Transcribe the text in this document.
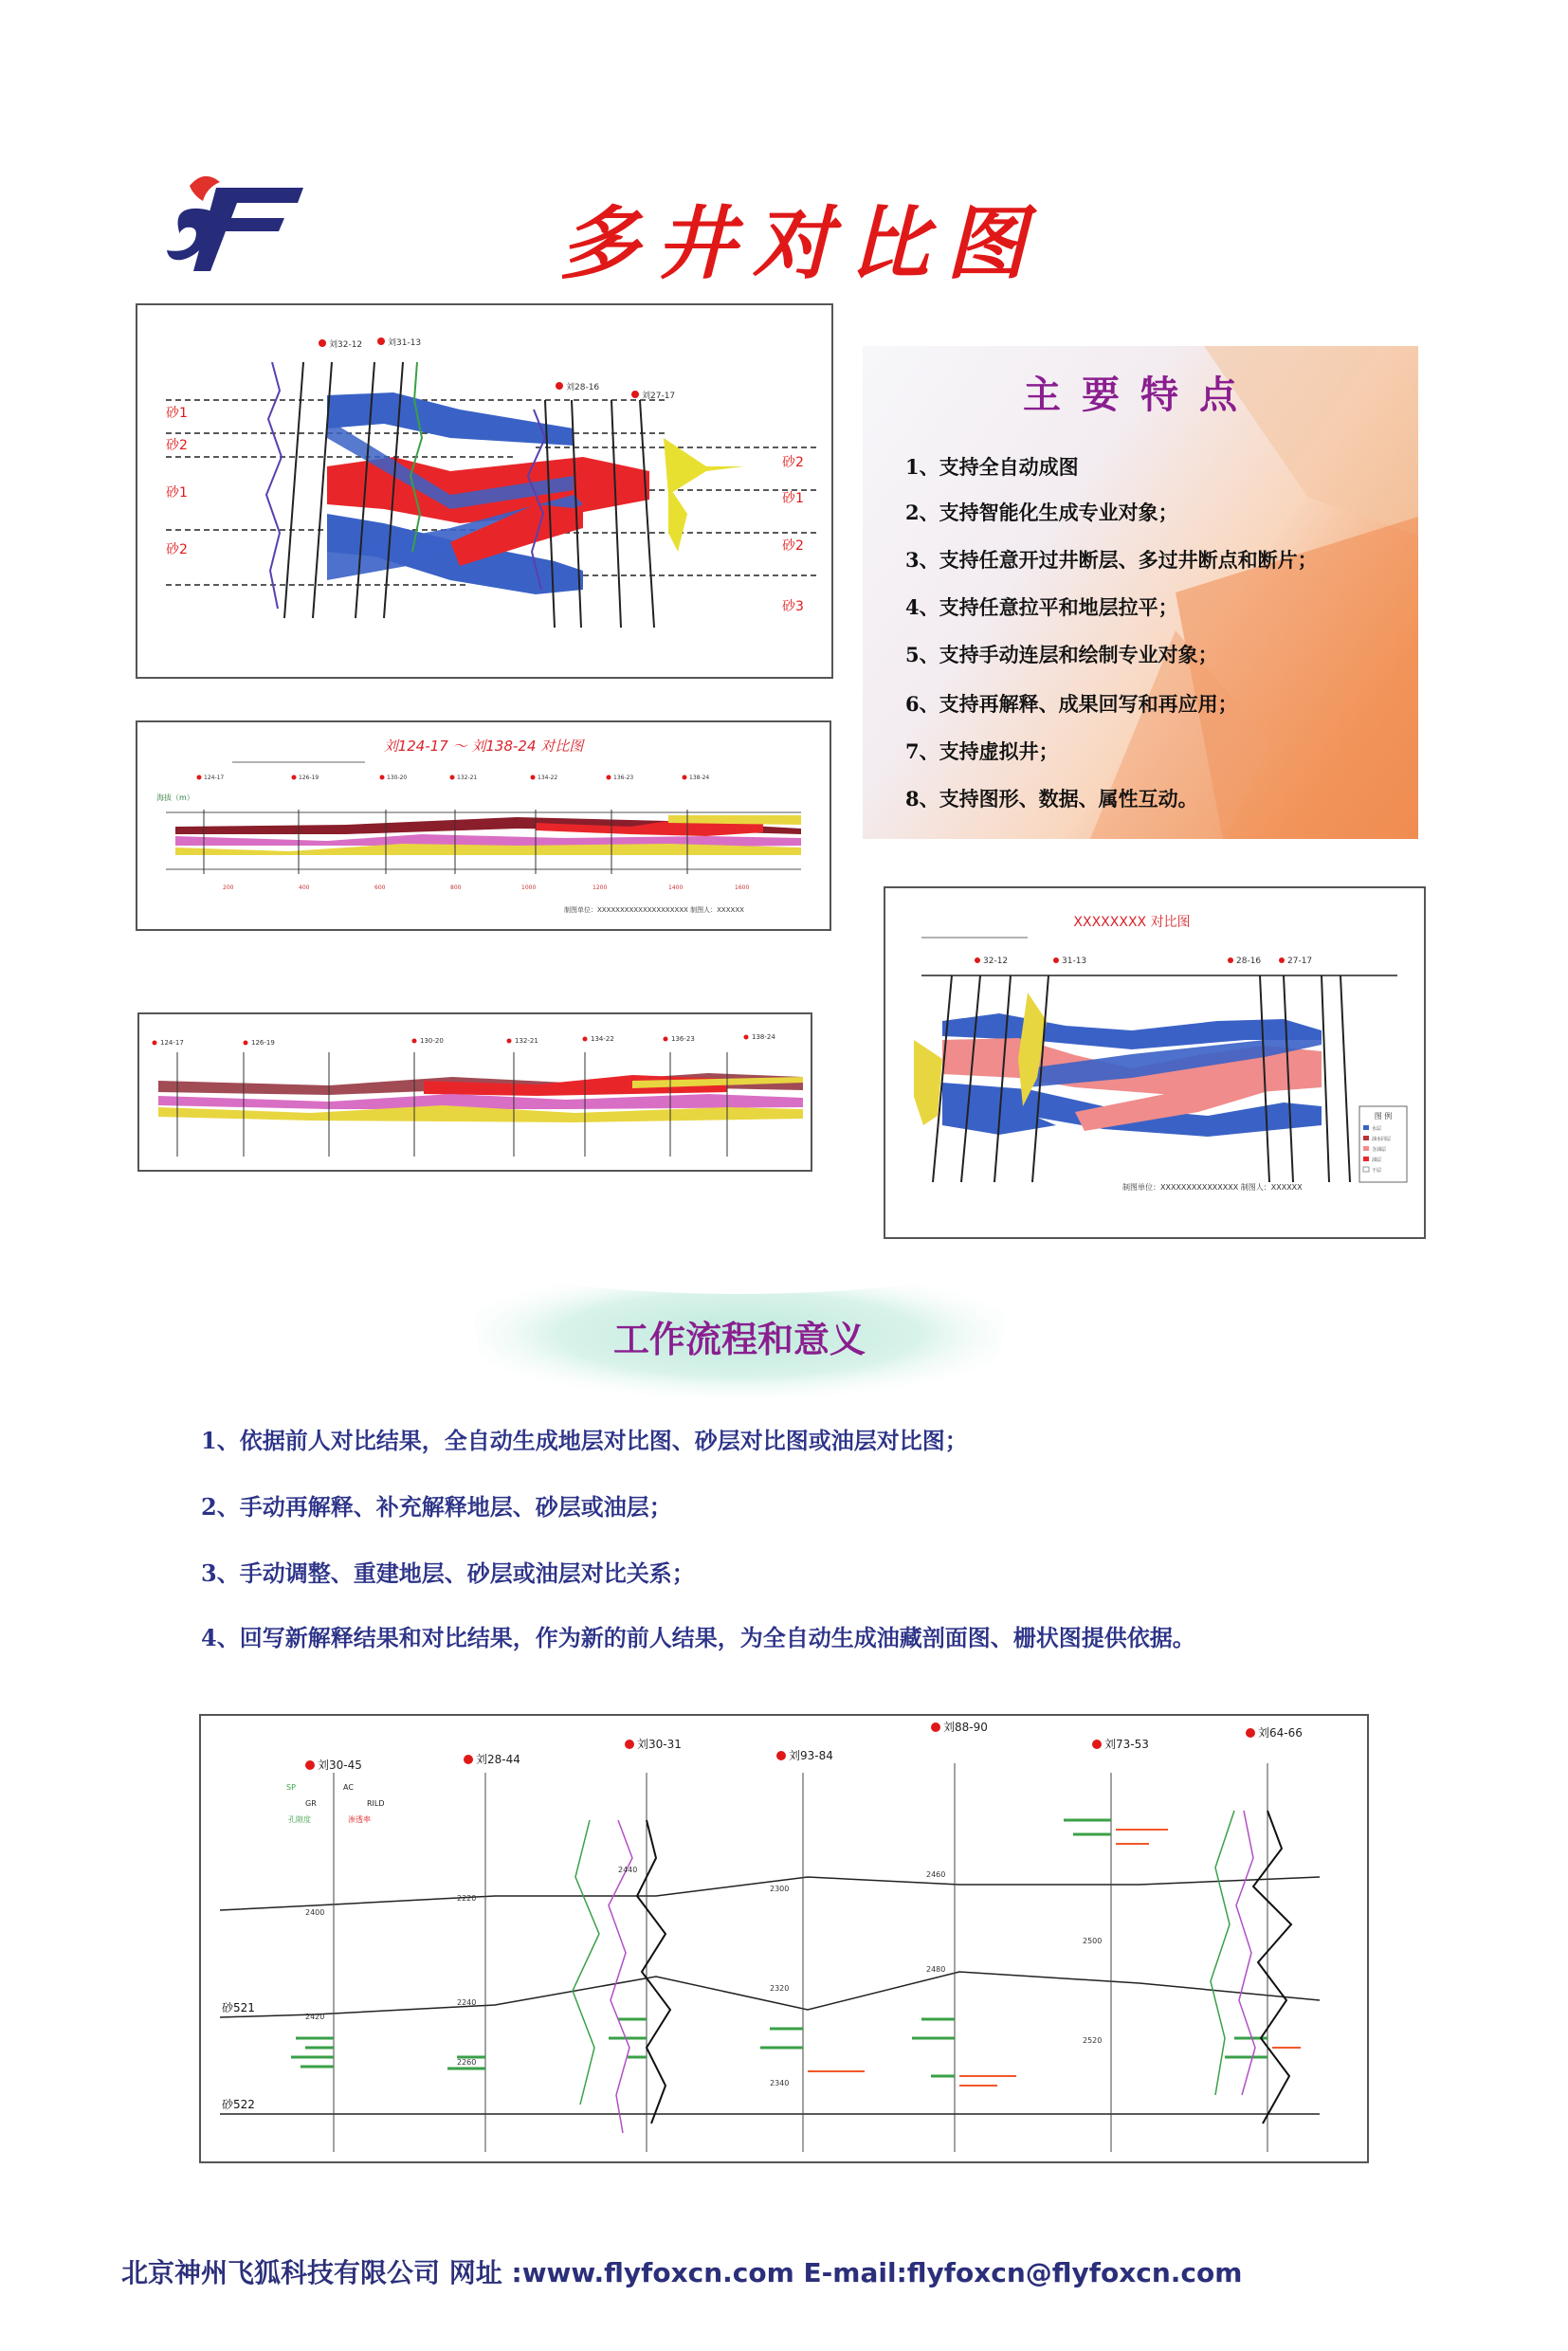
多井对比图
刘32-12	刘31-13
刘28-16
刘27-17
砂1
砂2
砂1
砂2
砂2
砂1
砂2
砂3
主要特点
1、支持全自动成图
2、支持智能化生成专业对象；
3、支持任意开过井断层、多过井断点和断片；
4、支持任意拉平和地层拉平；
5、支持手动连层和绘制专业对象；
6、支持再解释、成果回写和再应用；
7、支持虚拟井；
8、支持图形、数据、属性互动。
刘124-17 ～ 刘138-24 对比图
海拔（m）
124-17	126-19	130-20	132-21	134-22	136-23	138-24
200	400	600	800	1000	1200	1400	1600
制图单位：XXXXXXXXXXXXXXXXXXXX 制图人：XXXXXX
124-17	126-19	130-20	132-21	134-22	136-23	138-24
XXXXXXXX 对比图
32-12	31-13	28-16	27-17
图 例
水层
油水同层
含油层
油层
干层
制图单位：XXXXXXXXXXXXXXX 制图人：XXXXXX
工作流程和意义
1、依据前人对比结果，全自动生成地层对比图、砂层对比图或油层对比图；
2、手动再解释、补充解释地层、砂层或油层；
3、手动调整、重建地层、砂层或油层对比关系；
4、回写新解释结果和对比结果，作为新的前人结果，为全自动生成油藏剖面图、栅状图提供依据。
刘30-45	刘28-44
刘30-31
刘93-84
刘88-90
刘73-53
刘64-66
SP
孔隙度
AC
GR	RILD
渗透率
砂521
砂522
2400
2420
2220
2240
2260
2440
2300
2320
2340
2460
2480
2500
2520
北京神州飞狐科技有限公司 网址 :www.flyfoxcn.com E-mail:flyfoxcn@flyfoxcn.com
